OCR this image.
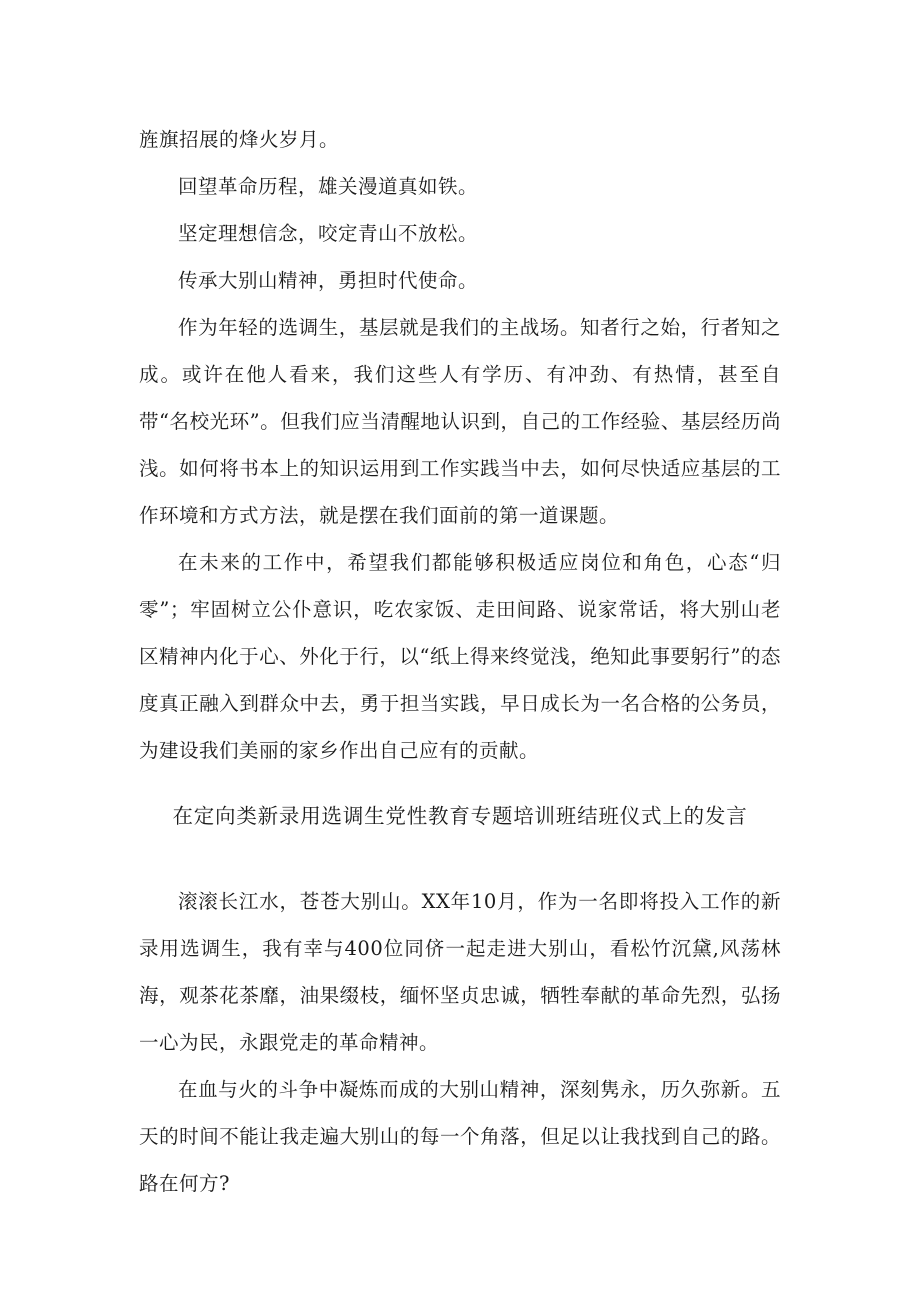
旌旗招展的烽火岁月。

回望革命历程，雄关漫道真如铁。

坚定理想信念，咬定青山不放松。

传承大别山精神，勇担时代使命。

作为年轻的选调生，基层就是我们的主战场。知者行之始，行者知之成。或许在他人看来，我们这些人有学历、有冲劲、有热情，甚至自带“名校光环”。但我们应当清醒地认识到，自己的工作经验、基层经历尚浅。如何将书本上的知识运用到工作实践当中去，如何尽快适应基层的工作环境和方式方法，就是摆在我们面前的第一道课题。

在未来的工作中，希望我们都能够积极适应岗位和角色，心态“归零”；牢固树立公仆意识，吃农家饭、走田间路、说家常话，将大别山老区精神内化于心、外化于行，以“纸上得来终觉浅，绝知此事要躬行”的态度真正融入到群众中去，勇于担当实践，早日成长为一名合格的公务员，为建设我们美丽的家乡作出自己应有的贡献。

在定向类新录用选调生党性教育专题培训班结班仪式上的发言

滚滚长江水，苍苍大别山。XX年10月，作为一名即将投入工作的新录用选调生，我有幸与400位同侪一起走进大别山，看松竹沉黛,风荡林海，观茶花茶靡，油果缀枝，缅怀坚贞忠诚，牺牲奉献的革命先烈，弘扬一心为民，永跟党走的革命精神。

在血与火的斗争中凝炼而成的大别山精神，深刻隽永，历久弥新。五天的时间不能让我走遍大别山的每一个角落，但足以让我找到自己的路。路在何方?
